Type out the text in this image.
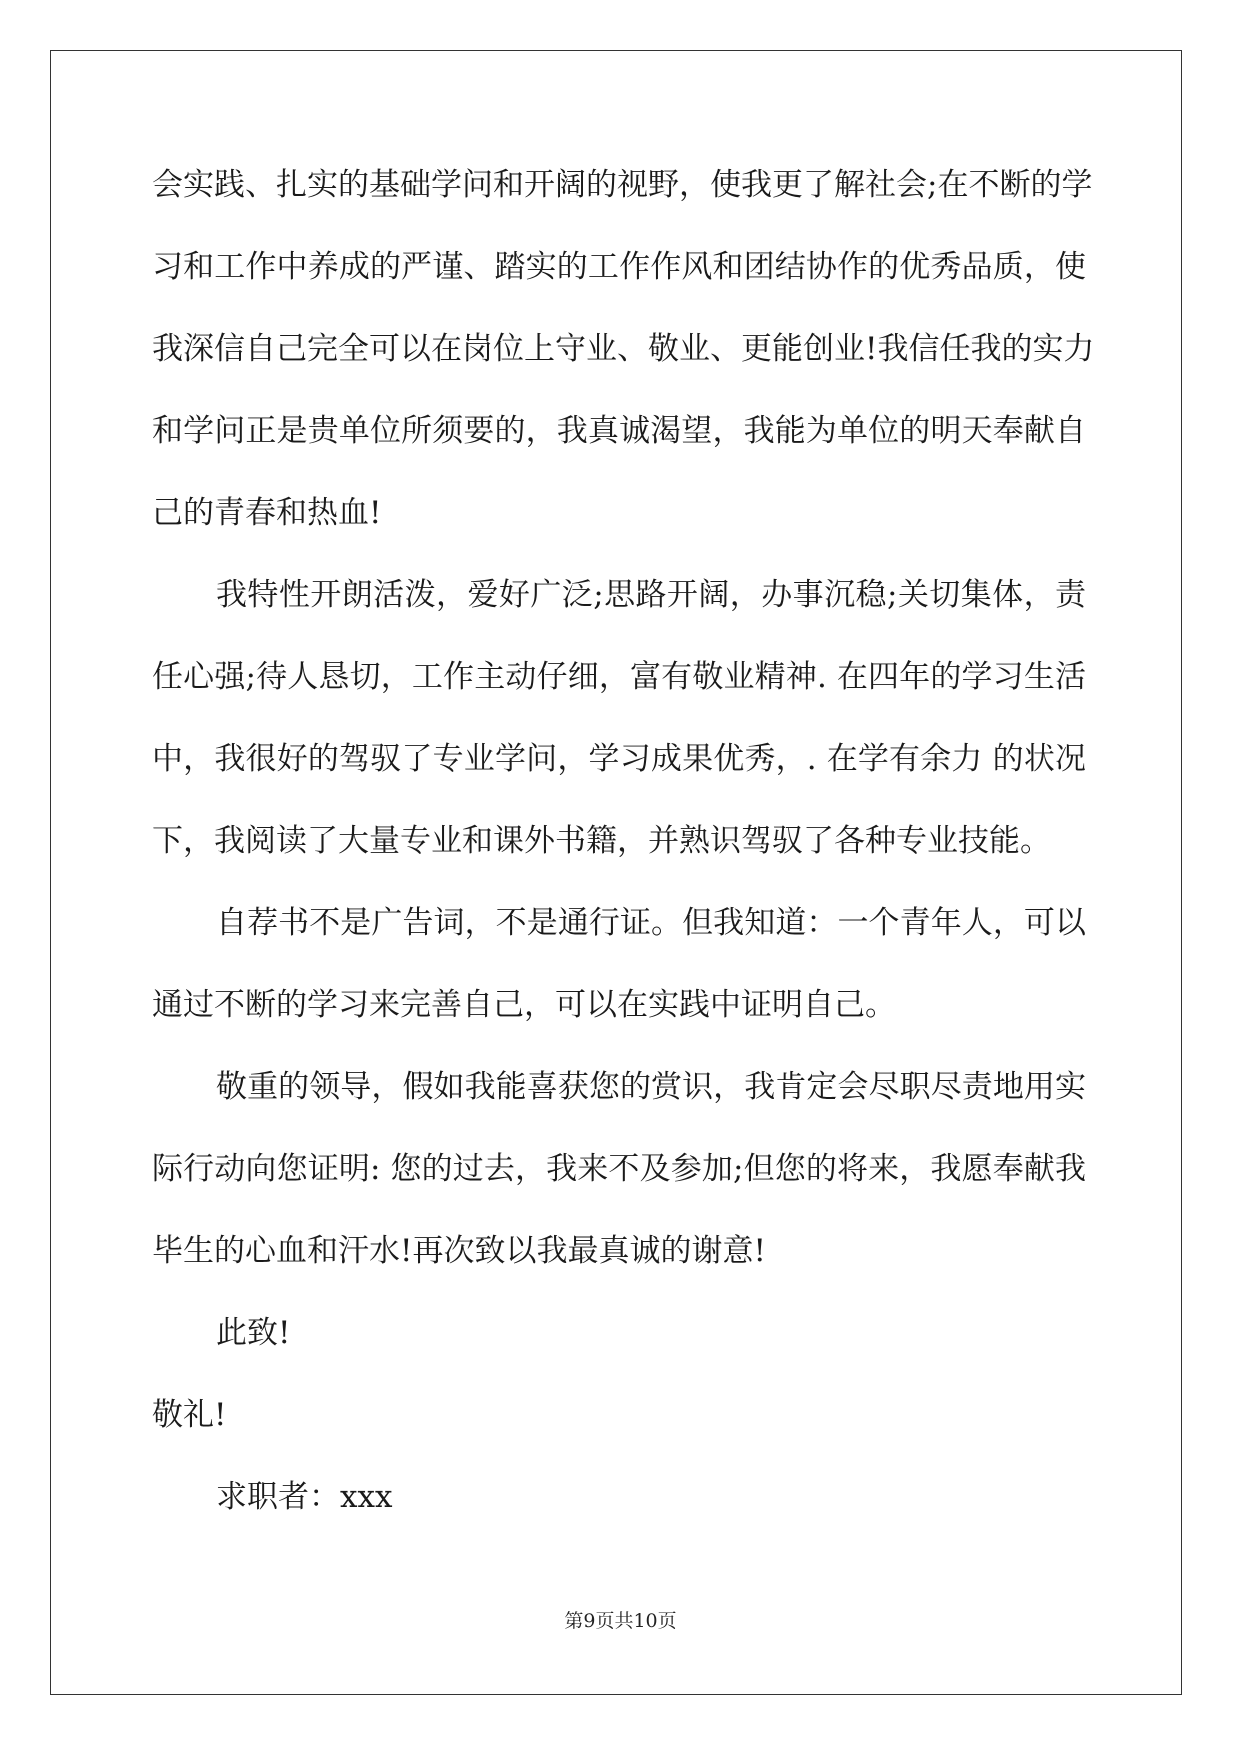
会实践、扎实的基础学问和开阔的视野，使我更了解社会;在不断的学
习和工作中养成的严谨、踏实的工作作风和团结协作的优秀品质，使
我深信自己完全可以在岗位上守业、敬业、更能创业!我信任我的实力
和学问正是贵单位所须要的，我真诚渴望，我能为单位的明天奉献自
己的青春和热血!
我特性开朗活泼，爱好广泛;思路开阔，办事沉稳;关切集体，责
任心强;待人恳切，工作主动仔细，富有敬业精神. 在四年的学习生活
中，我很好的驾驭了专业学问，学习成果优秀，. 在学有余力 的状况
下，我阅读了大量专业和课外书籍，并熟识驾驭了各种专业技能。
自荐书不是广告词，不是通行证。但我知道：一个青年人，可以
通过不断的学习来完善自己，可以在实践中证明自己。
敬重的领导，假如我能喜获您的赏识，我肯定会尽职尽责地用实
际行动向您证明: 您的过去，我来不及参加;但您的将来，我愿奉献我
毕生的心血和汗水!再次致以我最真诚的谢意!
此致!
敬礼!
求职者：xxx
第9页共10页
